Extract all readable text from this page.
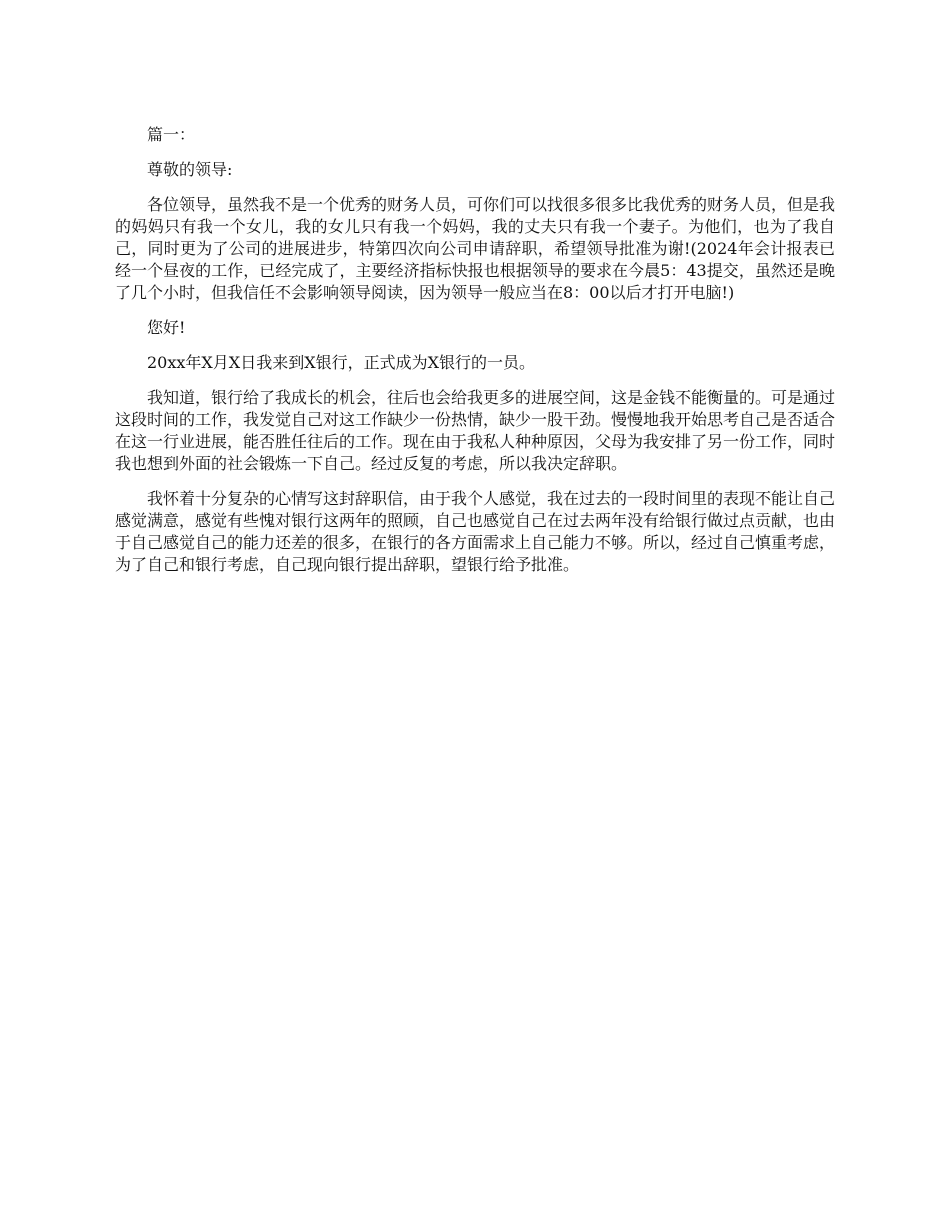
篇一：

尊敬的领导:

各位领导，虽然我不是一个优秀的财务人员，可你们可以找很多很多比我优秀的财务人员，但是我的妈妈只有我一个女儿，我的女儿只有我一个妈妈，我的丈夫只有我一个妻子。为他们，也为了我自己，同时更为了公司的进展进步，特第四次向公司申请辞职，希望领导批准为谢!(2024年会计报表已经一个昼夜的工作，已经完成了，主要经济指标快报也根据领导的要求在今晨5：43提交，虽然还是晚了几个小时，但我信任不会影响领导阅读，因为领导一般应当在8：00以后才打开电脑!)

您好!

20xx年X月X日我来到X银行，正式成为X银行的一员。

我知道，银行给了我成长的机会，往后也会给我更多的进展空间，这是金钱不能衡量的。可是通过这段时间的工作，我发觉自己对这工作缺少一份热情，缺少一股干劲。慢慢地我开始思考自己是否适合在这一行业进展，能否胜任往后的工作。现在由于我私人种种原因，父母为我安排了另一份工作，同时我也想到外面的社会锻炼一下自己。经过反复的考虑，所以我决定辞职。

我怀着十分复杂的心情写这封辞职信，由于我个人感觉，我在过去的一段时间里的表现不能让自己感觉满意，感觉有些愧对银行这两年的照顾，自己也感觉自己在过去两年没有给银行做过点贡献，也由于自己感觉自己的能力还差的很多，在银行的各方面需求上自己能力不够。所以，经过自己慎重考虑，为了自己和银行考虑，自己现向银行提出辞职，望银行给予批准。
